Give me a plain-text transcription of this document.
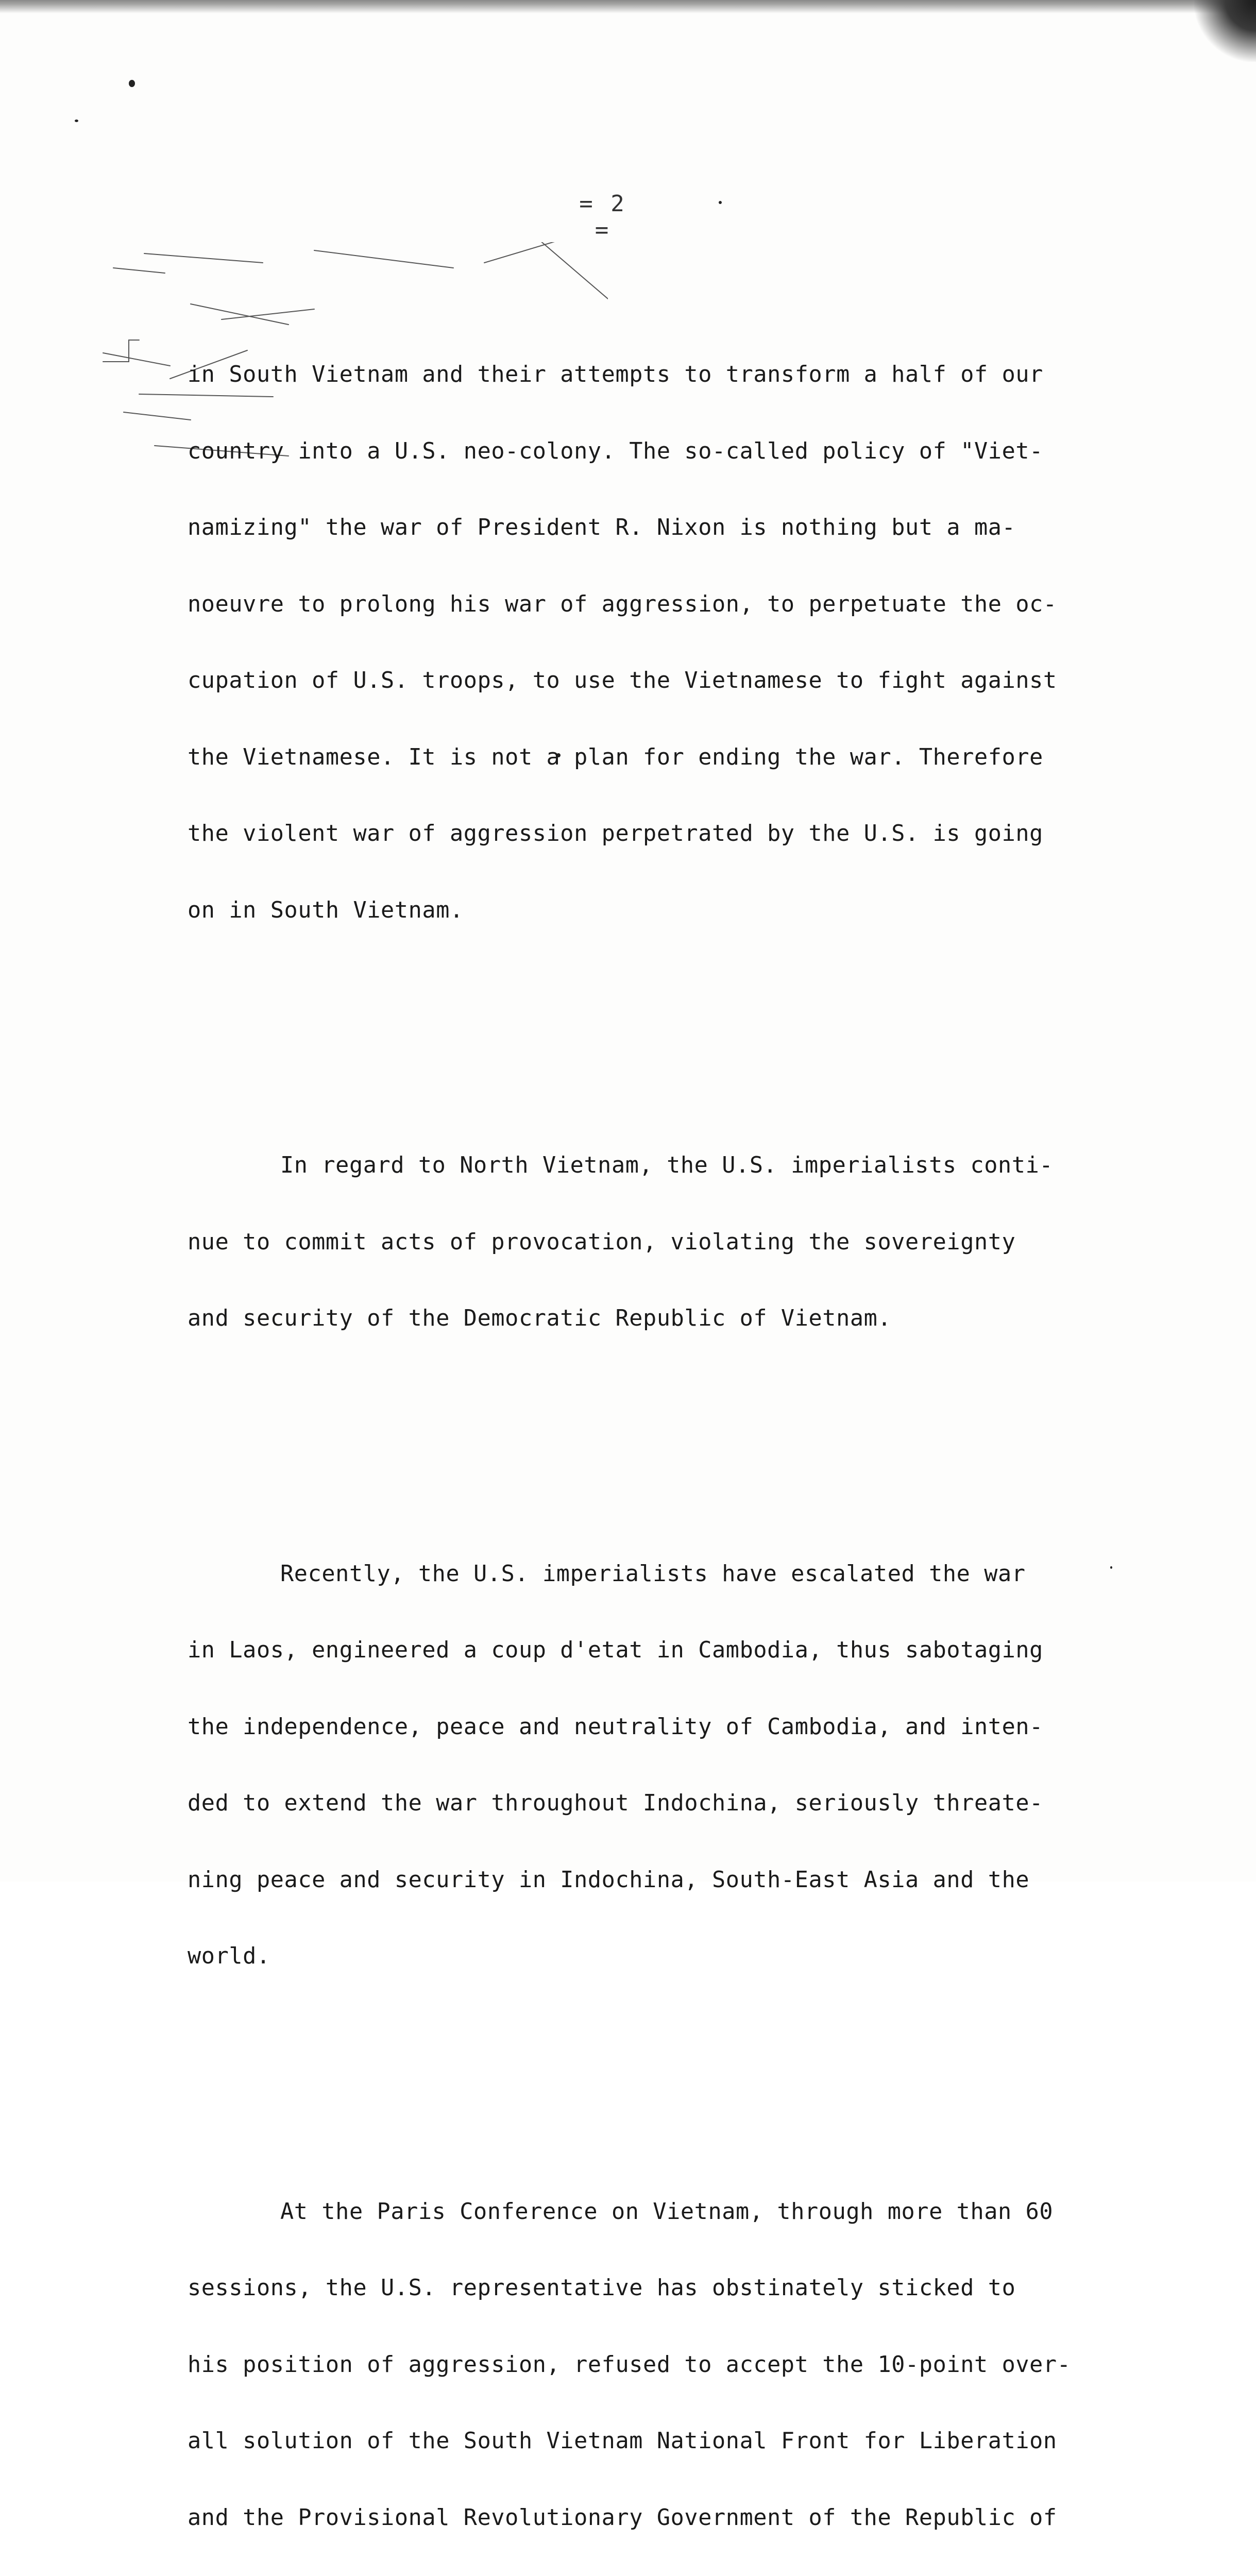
= 2 =

in South Vietnam and their attempts to transform a half of our

country into a U.S. neo-colony. The so-called policy of "Viet-

namizing" the war of President R. Nixon is nothing but a ma-

noeuvre to prolong his war of aggression, to perpetuate the oc-

cupation of U.S. troops, to use the Vietnamese to fight against

the Vietnamese. It is not a plan for ending the war. Therefore

the violent war of aggression perpetrated by the U.S. is going

on in South Vietnam.

In regard to North Vietnam, the U.S. imperialists conti-

nue to commit acts of provocation, violating the sovereignty

and security of the Democratic Republic of Vietnam.

Recently, the U.S. imperialists have escalated the war

in Laos, engineered a coup d'etat in Cambodia, thus sabotaging

the independence, peace and neutrality of Cambodia, and inten-

ded to extend the war throughout Indochina, seriously threate-

ning peace and security in Indochina, South-East Asia and the

world.

At the Paris Conference on Vietnam, through more than 60

sessions, the U.S. representative has obstinately sticked to

his position of aggression, refused to accept the 10-point over-

all solution of the South Vietnam National Front for Liberation

and the Provisional Revolutionary Government of the Republic of
